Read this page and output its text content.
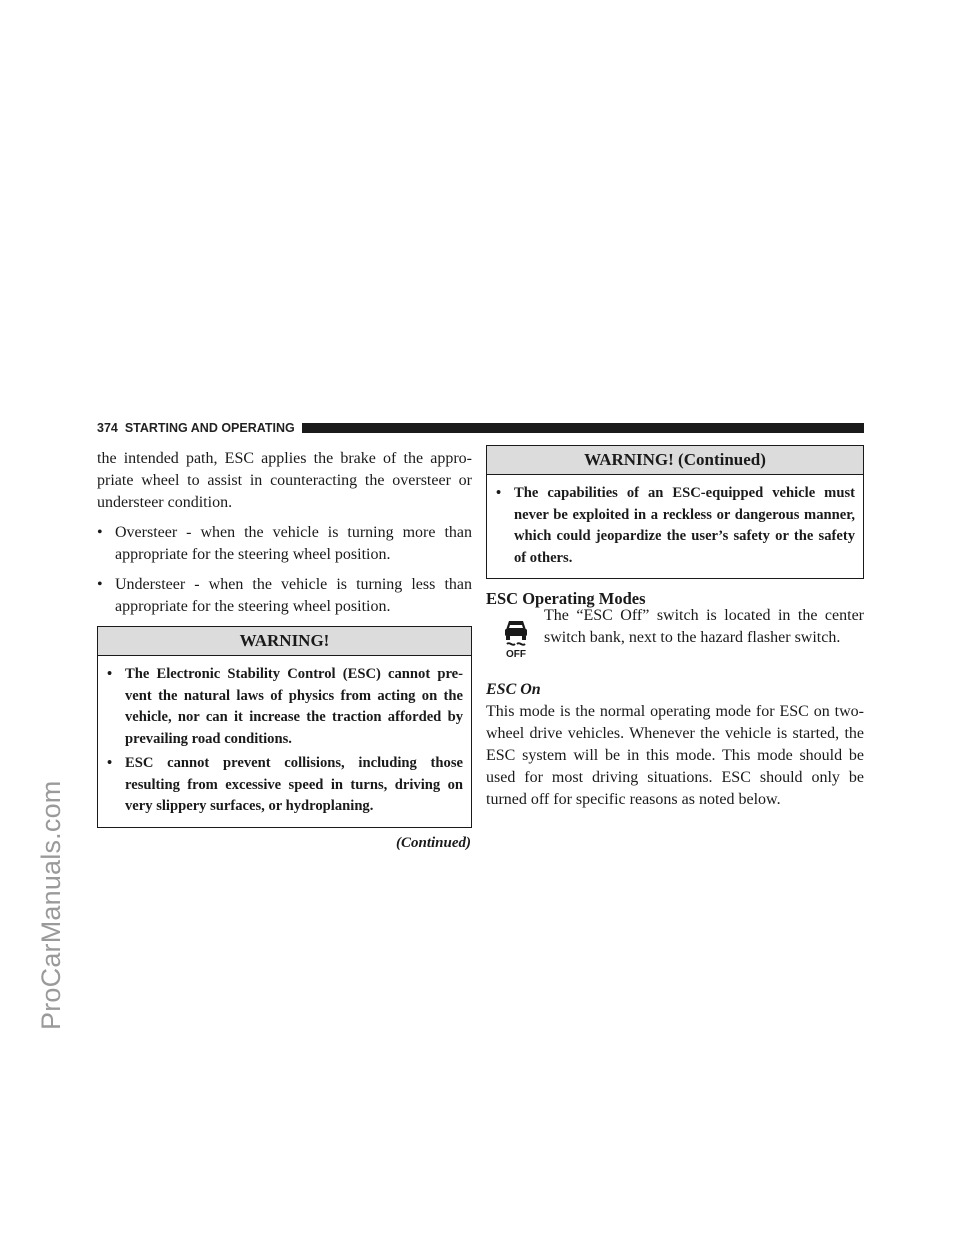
ProCarManuals.com
374 STARTING AND OPERATING

the intended path, ESC applies the brake of the appro-priate wheel to assist in counteracting the oversteer or understeer condition.

• Oversteer - when the vehicle is turning more than appropriate for the steering wheel position.
• Understeer - when the vehicle is turning less than appropriate for the steering wheel position.
WARNING!
• The Electronic Stability Control (ESC) cannot pre-vent the natural laws of physics from acting on the vehicle, nor can it increase the traction afforded by prevailing road conditions.
• ESC cannot prevent collisions, including those resulting from excessive speed in turns, driving on very slippery surfaces, or hydroplaning.
(Continued)
WARNING! (Continued)
• The capabilities of an ESC-equipped vehicle must never be exploited in a reckless or dangerous manner, which could jeopardize the user’s safety or the safety of others.
ESC Operating Modes
OFF

The “ESC Off” switch is located in the center switch bank, next to the hazard flasher switch.

ESC On

This mode is the normal operating mode for ESC on two-wheel drive vehicles. Whenever the vehicle is started, the ESC system will be in this mode. This mode should be used for most driving situations. ESC should only be turned off for specific reasons as noted below.
